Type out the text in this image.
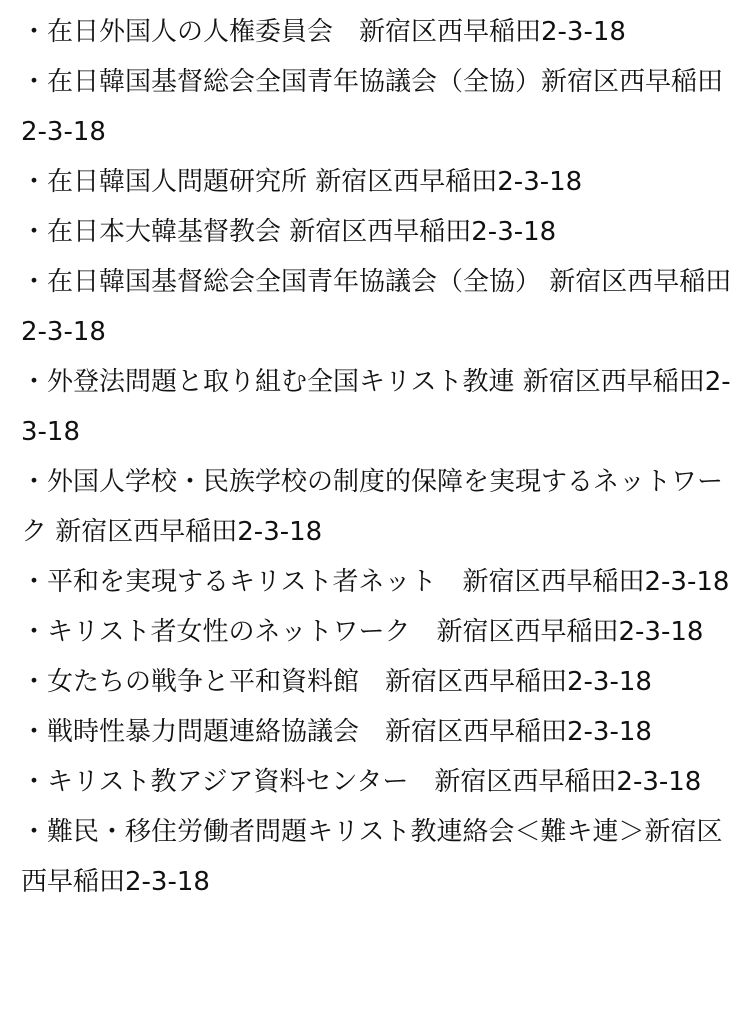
・在日外国人の人権委員会　新宿区西早稲田2-3-18

・在日韓国基督総会全国青年協議会（全協）新宿区西早稲田2-3-18

・在日韓国人問題研究所 新宿区西早稲田2-3-18

・在日本大韓基督教会 新宿区西早稲田2-3-18

・在日韓国基督総会全国青年協議会（全協） 新宿区西早稲田2-3-18

・外登法問題と取り組む全国キリスト教連 新宿区西早稲田2-3-18

・外国人学校・民族学校の制度的保障を実現するネットワーク 新宿区西早稲田2-3-18

・平和を実現するキリスト者ネット　新宿区西早稲田2-3-18

・キリスト者女性のネットワーク　新宿区西早稲田2-3-18

・女たちの戦争と平和資料館　新宿区西早稲田2-3-18

・戦時性暴力問題連絡協議会　新宿区西早稲田2-3-18

・キリスト教アジア資料センター　新宿区西早稲田2-3-18

・難民・移住労働者問題キリスト教連絡会＜難キ連＞新宿区西早稲田2-3-18
